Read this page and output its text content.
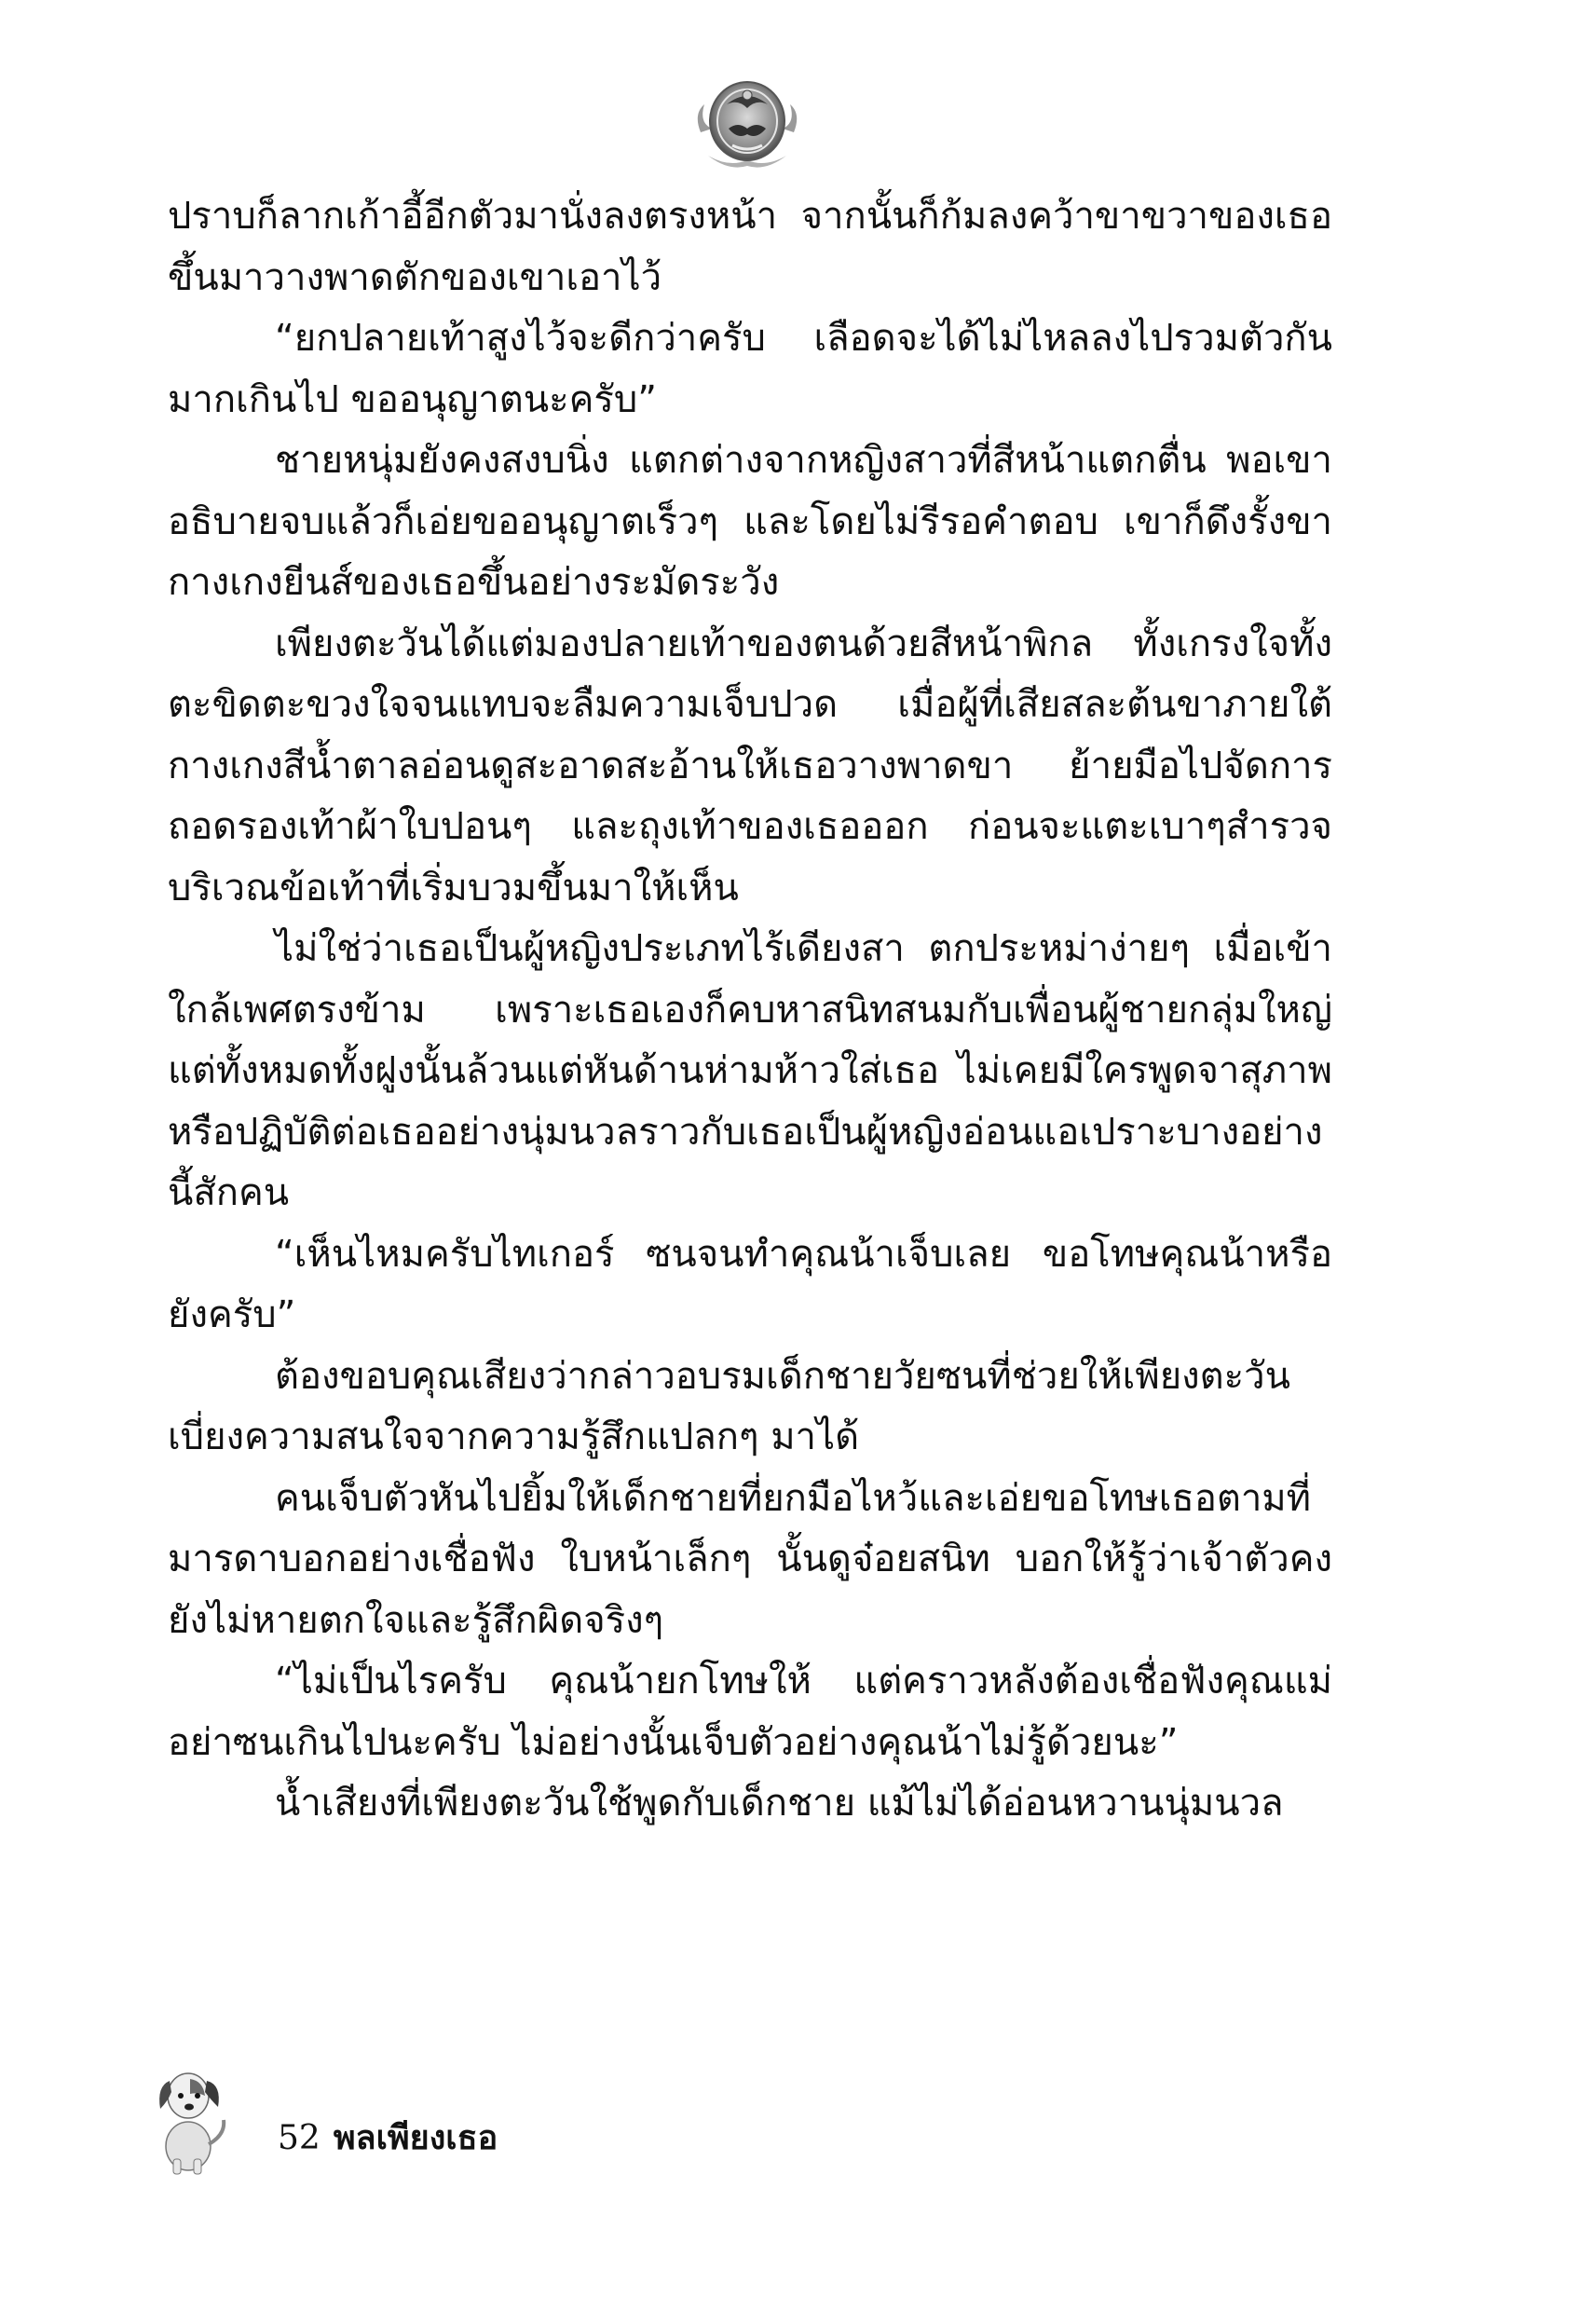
ปราบก็ลากเก้าอี้อีกตัวมานั่งลงตรงหน้า จากนั้นก็ก้มลงคว้าขาขวาของเธอขึ้นมาวางพาดตักของเขาเอาไว้

“ยกปลายเท้าสูงไว้จะดีกว่าครับ เลือดจะได้ไม่ไหลลงไปรวมตัวกันมากเกินไป ขออนุญาตนะครับ”

ชายหนุ่มยังคงสงบนิ่ง แตกต่างจากหญิงสาวที่สีหน้าแตกตื่น พอเขาอธิบายจบแล้วก็เอ่ยขออนุญาตเร็วๆ และโดยไม่รีรอคำตอบ เขาก็ดึงรั้งขากางเกงยีนส์ของเธอขึ้นอย่างระมัดระวัง

เพียงตะวันได้แต่มองปลายเท้าของตนด้วยสีหน้าพิกล ทั้งเกรงใจทั้งตะขิดตะขวงใจจนแทบจะลืมความเจ็บปวด เมื่อผู้ที่เสียสละต้นขาภายใต้กางเกงสีน้ำตาลอ่อนดูสะอาดสะอ้านให้เธอวางพาดขา ย้ายมือไปจัดการถอดรองเท้าผ้าใบปอนๆ และถุงเท้าของเธอออก ก่อนจะแตะเบาๆสำรวจบริเวณข้อเท้าที่เริ่มบวมขึ้นมาให้เห็น

ไม่ใช่ว่าเธอเป็นผู้หญิงประเภทไร้เดียงสา ตกประหม่าง่ายๆ เมื่อเข้าใกล้เพศตรงข้าม เพราะเธอเองก็คบหาสนิทสนมกับเพื่อนผู้ชายกลุ่มใหญ่ แต่ทั้งหมดทั้งฝูงนั้นล้วนแต่หันด้านห่ามห้าวใส่เธอ ไม่เคยมีใครพูดจาสุภาพ หรือปฏิบัติต่อเธออย่างนุ่มนวลราวกับเธอเป็นผู้หญิงอ่อนแอเปราะบางอย่างนี้สักคน

“เห็นไหมครับไทเกอร์ ซนจนทำคุณน้าเจ็บเลย ขอโทษคุณน้าหรือยังครับ”

ต้องขอบคุณเสียงว่ากล่าวอบรมเด็กชายวัยซนที่ช่วยให้เพียงตะวันเบี่ยงความสนใจจากความรู้สึกแปลกๆ มาได้

คนเจ็บตัวหันไปยิ้มให้เด็กชายที่ยกมือไหว้และเอ่ยขอโทษเธอตามที่มารดาบอกอย่างเชื่อฟัง ใบหน้าเล็กๆ นั้นดูจ๋อยสนิท บอกให้รู้ว่าเจ้าตัวคงยังไม่หายตกใจและรู้สึกผิดจริงๆ

“ไม่เป็นไรครับ คุณน้ายกโทษให้ แต่คราวหลังต้องเชื่อฟังคุณแม่อย่าซนเกินไปนะครับ ไม่อย่างนั้นเจ็บตัวอย่างคุณน้าไม่รู้ด้วยนะ”

น้ำเสียงที่เพียงตะวันใช้พูดกับเด็กชาย แม้ไม่ได้อ่อนหวานนุ่มนวล

52 พลเพียงเธอ
